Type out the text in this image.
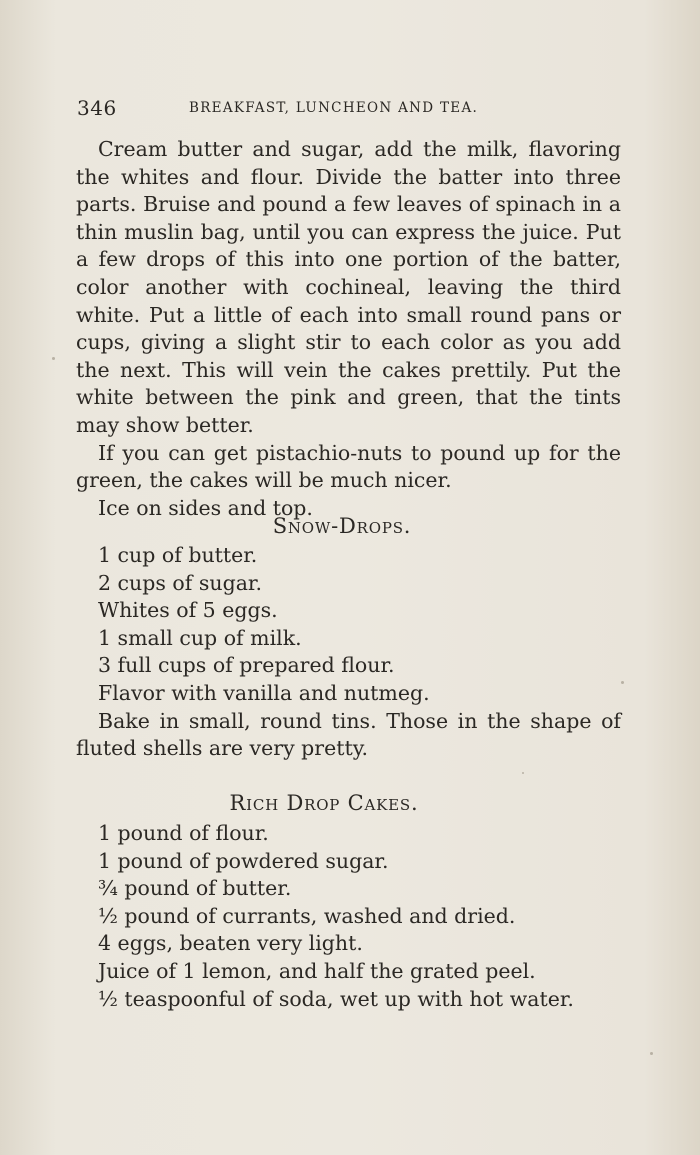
346	BREAKFAST, LUNCHEON AND TEA.

Cream butter and sugar, add the milk, flavoring the whites and flour. Divide the batter into three parts. Bruise and pound a few leaves of spinach in a thin muslin bag, until you can express the juice. Put a few drops of this into one portion of the batter, color another with cochineal, leaving the third white. Put a little of each into small round pans or cups, giving a slight stir to each color as you add the next. This will vein the cakes prettily. Put the white between the pink and green, that the tints may show better.

If you can get pistachio-nuts to pound up for the green, the cakes will be much nicer.

Ice on sides and top.

Snow-Drops.

1 cup of butter.

2 cups of sugar.

Whites of 5 eggs.

1 small cup of milk.

3 full cups of prepared flour.

Flavor with vanilla and nutmeg.

Bake in small, round tins. Those in the shape of fluted shells are very pretty.

Rich Drop Cakes.

1 pound of flour.

1 pound of powdered sugar.

¾ pound of butter.

½ pound of currants, washed and dried.

4 eggs, beaten very light.

Juice of 1 lemon, and half the grated peel.

½ teaspoonful of soda, wet up with hot water.
